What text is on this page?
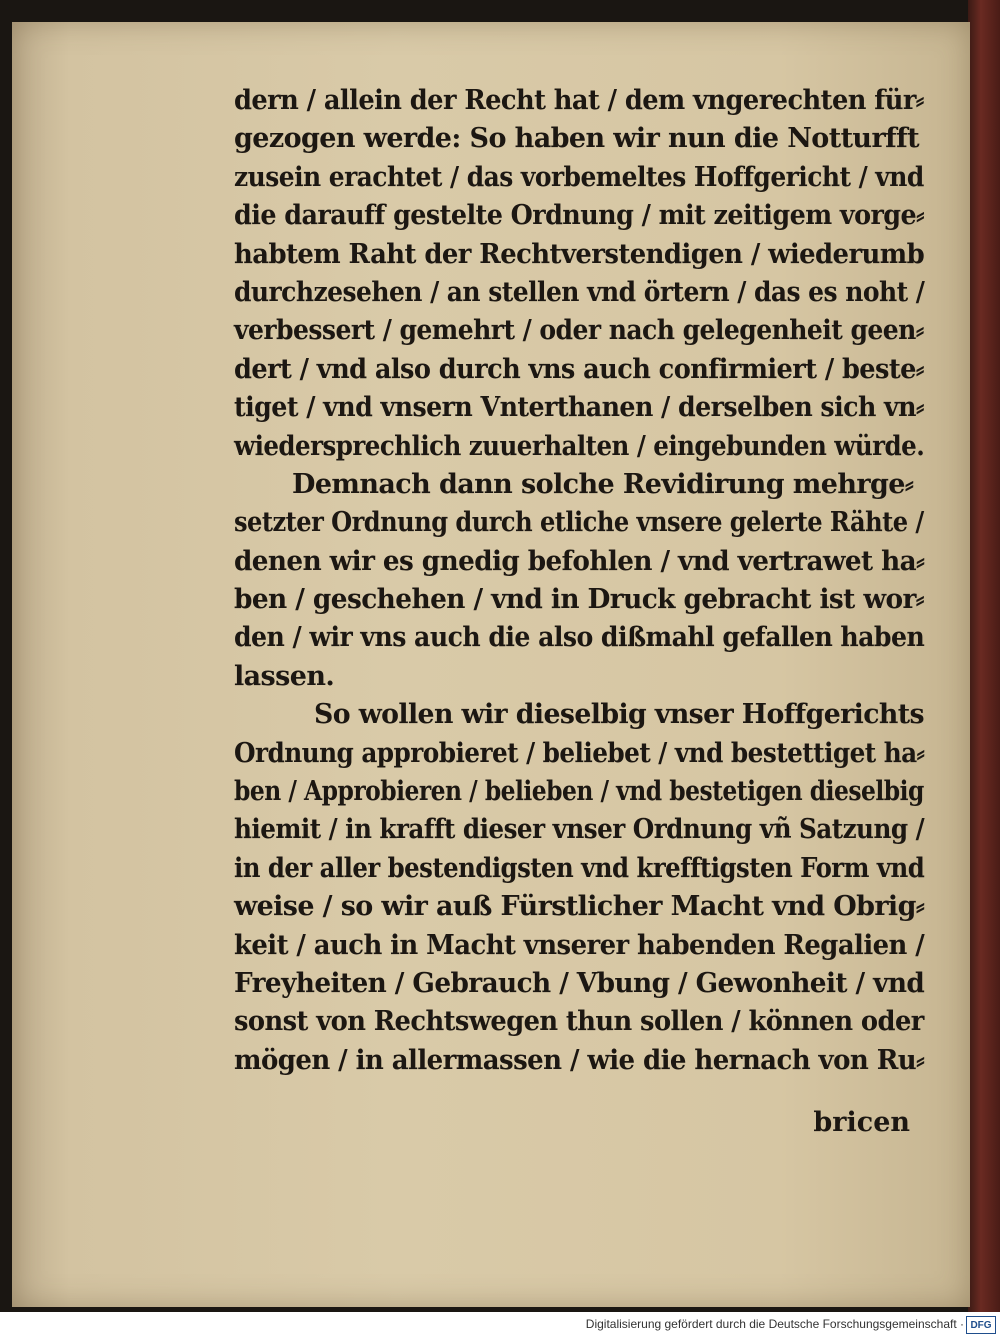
dern / allein der Recht hat / dem vngerechten für⸗
gezogen werde: So haben wir nun die Notturfft
zusein erachtet / das vorbemeltes Hoffgericht / vnd
die darauff gestelte Ordnung / mit zeitigem vorge⸗
habtem Raht der Rechtverstendigen / wiederumb
durchzesehen / an stellen vnd örtern / das es noht /
verbessert / gemehrt / oder nach gelegenheit geen⸗
dert / vnd also durch vns auch confirmiert / beste⸗
tiget / vnd vnsern Vnterthanen / derselben sich vn⸗
wiedersprechlich zuuerhalten / eingebunden würde.
Demnach dann solche Revidirung mehrge⸗
setzter Ordnung durch etliche vnsere gelerte Rähte /
denen wir es gnedig befohlen / vnd vertrawet ha⸗
ben / geschehen / vnd in Druck gebracht ist wor⸗
den / wir vns auch die also dißmahl gefallen haben
lassen.
So wollen wir dieselbig vnser Hoffgerichts
Ordnung approbieret / beliebet / vnd bestettiget ha⸗
ben / Approbieren / belieben / vnd bestetigen dieselbig
hiemit / in krafft dieser vnser Ordnung vñ Satzung /
in der aller bestendigsten vnd krefftigsten Form vnd
weise / so wir auß Fürstlicher Macht vnd Obrig⸗
keit / auch in Macht vnserer habenden Regalien /
Freyheiten / Gebrauch / Vbung / Gewonheit / vnd
sonst von Rechtswegen thun sollen / können oder
mögen / in allermassen / wie die hernach von Ru⸗
bricen
Digitalisierung gefördert durch die Deutsche Forschungsgemeinschaft · DFG
